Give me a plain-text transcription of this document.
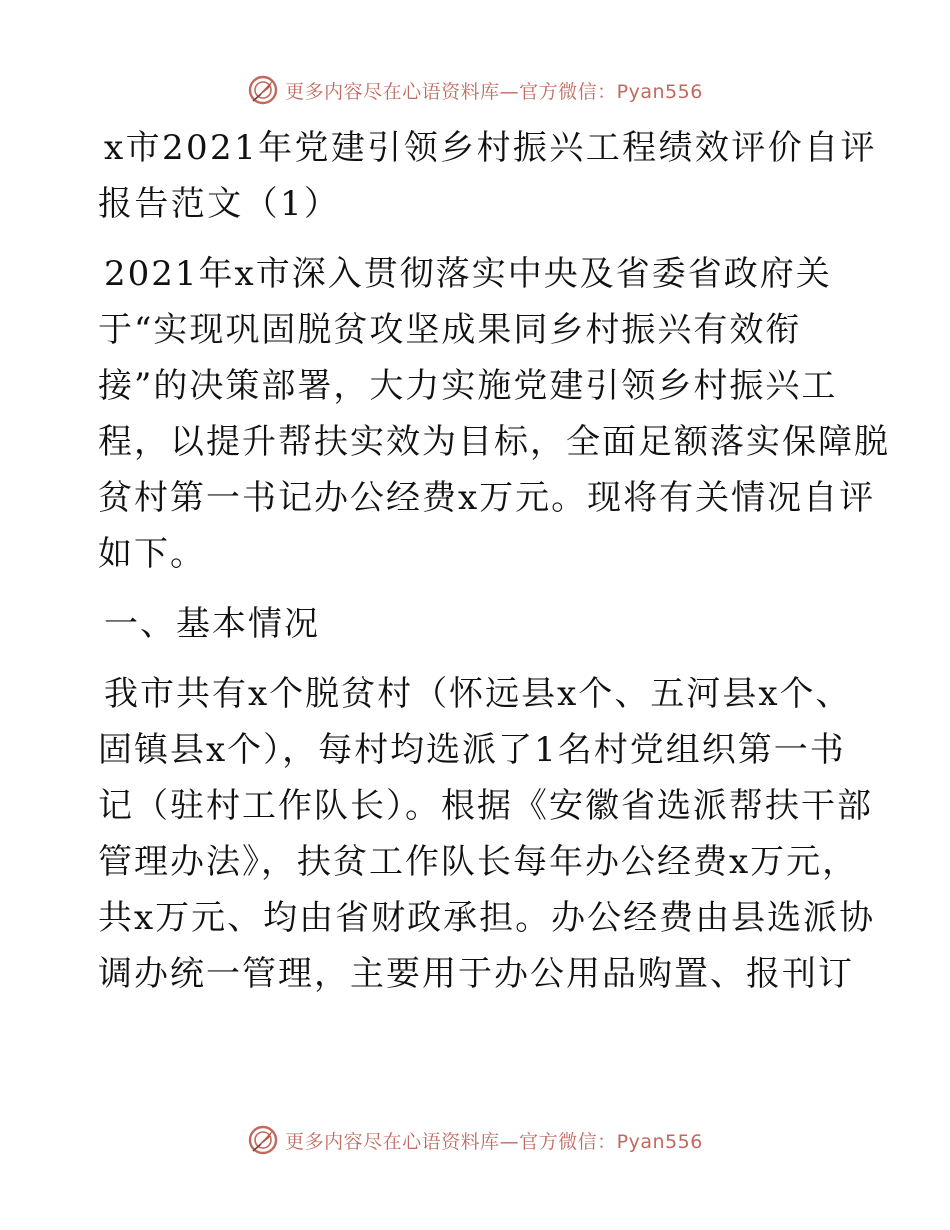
更多内容尽在心语资料库—官方微信：Pyan556
x市2021年党建引领乡村振兴工程绩效评价自评
报告范文（1）
2021年x市深入贯彻落实中央及省委省政府关
于“实现巩固脱贫攻坚成果同乡村振兴有效衔
接”的决策部署，大力实施党建引领乡村振兴工
程，以提升帮扶实效为目标，全面足额落实保障脱
贫村第一书记办公经费x万元。现将有关情况自评
如下。
一、基本情况
我市共有x个脱贫村（怀远县x个、五河县x个、
固镇县x个），每村均选派了1名村党组织第一书
记（驻村工作队长）。根据《安徽省选派帮扶干部
管理办法》，扶贫工作队长每年办公经费x万元，
共x万元、均由省财政承担。办公经费由县选派协
调办统一管理，主要用于办公用品购置、报刊订
更多内容尽在心语资料库—官方微信：Pyan556
